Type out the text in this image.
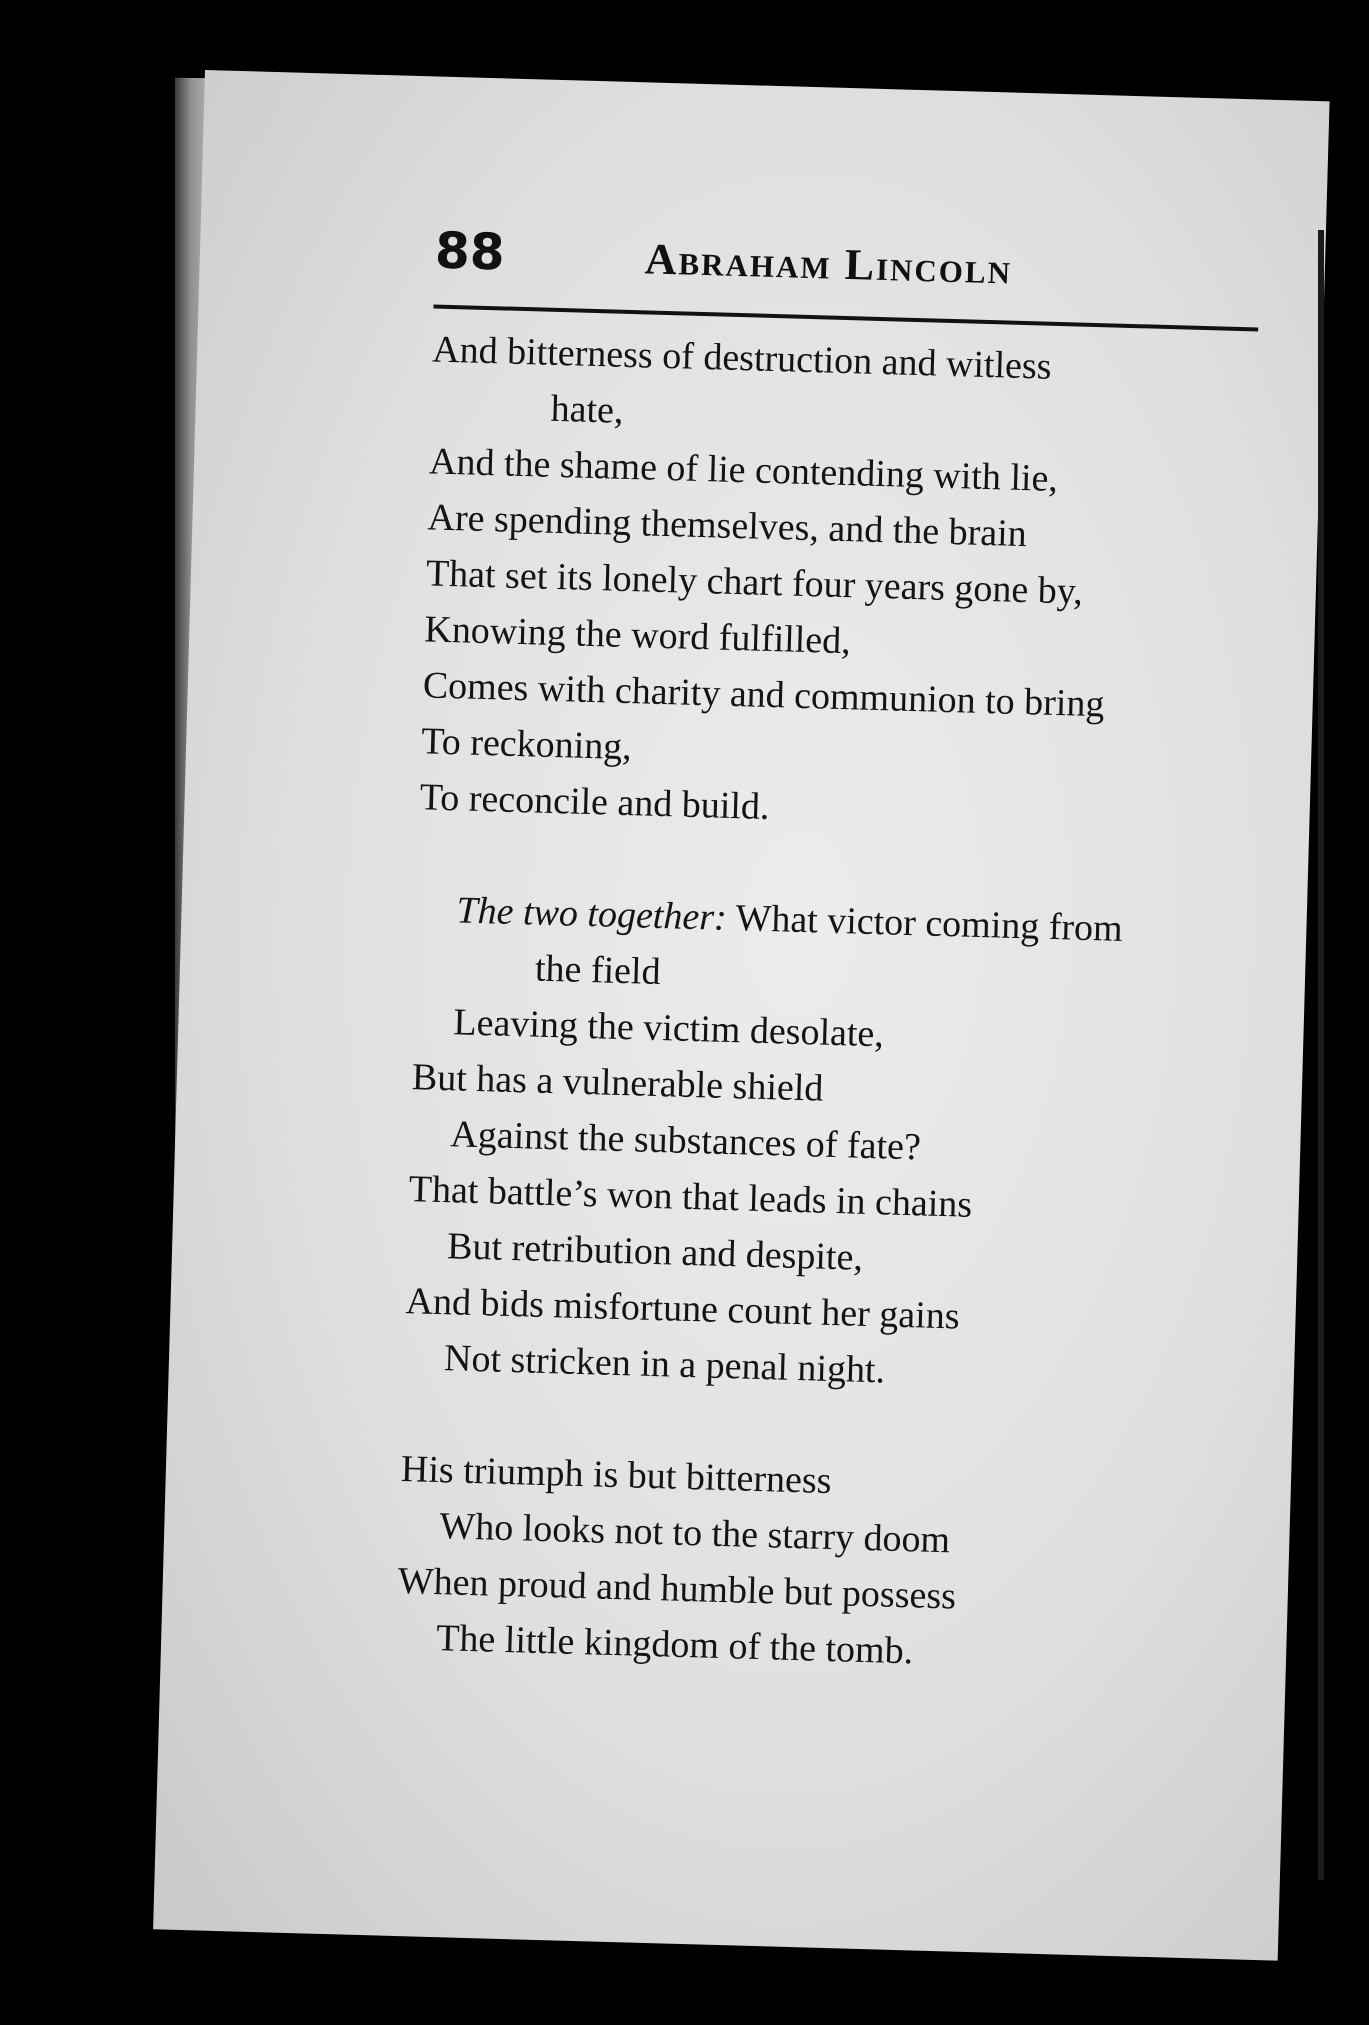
88	Abraham Lincoln

And bitterness of destruction and witless

hate,

And the shame of lie contending with lie,

Are spending themselves, and the brain

That set its lonely chart four years gone by,

Knowing the word fulfilled,

Comes with charity and communion to bring

To reckoning,

To reconcile and build.

The two together: What victor coming from

the field

Leaving the victim desolate,

But has a vulnerable shield

Against the substances of fate?

That battle’s won that leads in chains

But retribution and despite,

And bids misfortune count her gains

Not stricken in a penal night.

His triumph is but bitterness

Who looks not to the starry doom

When proud and humble but possess

The little kingdom of the tomb.
